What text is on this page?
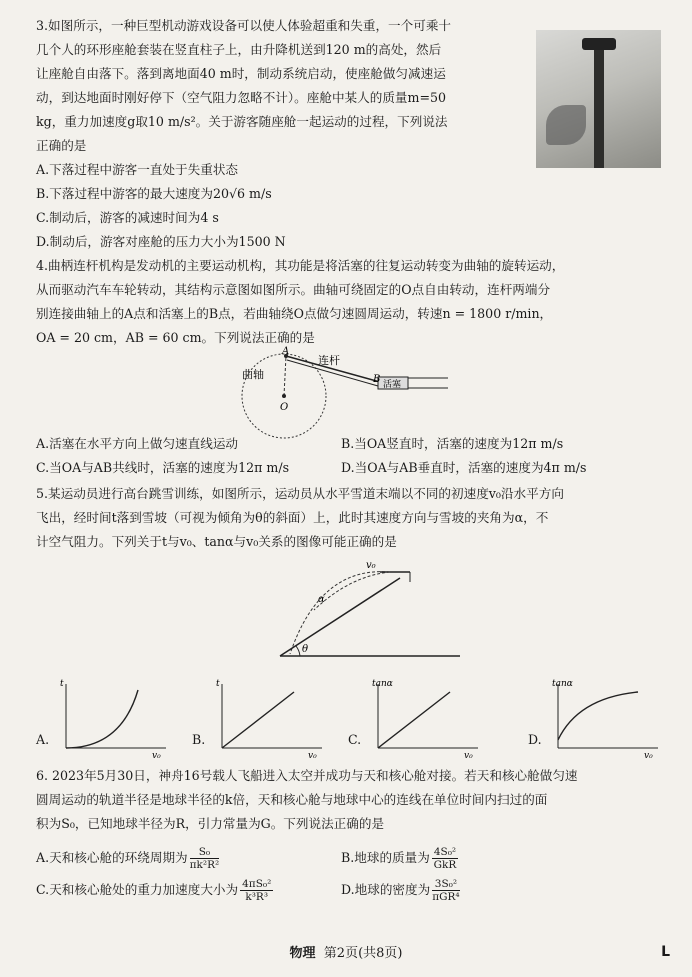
3.如图所示，一种巨型机动游戏设备可以使人体验超重和失重，一个可乘十

几个人的环形座舱套装在竖直柱子上，由升降机送到120 m的高处，然后

让座舱自由落下。落到离地面40 m时，制动系统启动，使座舱做匀减速运

动，到达地面时刚好停下（空气阻力忽略不计）。座舱中某人的质量m=50

kg，重力加速度g取10 m/s²。关于游客随座舱一起运动的过程，下列说法

正确的是

A.下落过程中游客一直处于失重状态

B.下落过程中游客的最大速度为20√6 m/s

C.制动后，游客的减速时间为4 s

D.制动后，游客对座舱的压力大小为1500 N

4.曲柄连杆机构是发动机的主要运动机构，其功能是将活塞的往复运动转变为曲轴的旋转运动，

从而驱动汽车车轮转动，其结构示意图如图所示。曲轴可绕固定的O点自由转动，连杆两端分

别连接曲轴上的A点和活塞上的B点，若曲轴绕O点做匀速圆周运动，转速n = 1800 r/min，

OA = 20 cm，AB = 60 cm。下列说法正确的是

曲轴
连杆
A
B
O
活塞

A.活塞在水平方向上做匀速直线运动	B.当OA竖直时，活塞的速度为12π m/s

C.当OA与AB共线时，活塞的速度为12π m/s	D.当OA与AB垂直时，活塞的速度为4π m/s

5.某运动员进行高台跳雪训练，如图所示，运动员从水平雪道末端以不同的初速度v₀沿水平方向

飞出，经时间t落到雪坡（可视为倾角为θ的斜面）上，此时其速度方向与雪坡的夹角为α，不

计空气阻力。下列关于t与v₀、tanα与v₀关系的图像可能正确的是

θ
v₀
α
A.
t
v₀
B.
t
v₀
C.
tanα
v₀
D.
tanα
v₀

6. 2023年5月30日，神舟16号载人飞船进入太空并成功与天和核心舱对接。若天和核心舱做匀速

圆周运动的轨道半径是地球半径的k倍，天和核心舱与地球中心的连线在单位时间内扫过的面

积为S₀，已知地球半径为R，引力常量为G。下列说法正确的是

A.天和核心舱的环绕周期为 $\frac{\text{S₀}}{\text{πk²R²}}$	B.地球的质量为 $\frac{\text{4S₀²}}{\text{GkR}}$

C.天和核心舱处的重力加速度大小为 $\frac{\text{4πS₀²}}{\text{k³R³}}$	D.地球的密度为 $\frac{\text{3S₀²}}{\text{πGR⁴}}$

物理 第2页(共8页)	L
